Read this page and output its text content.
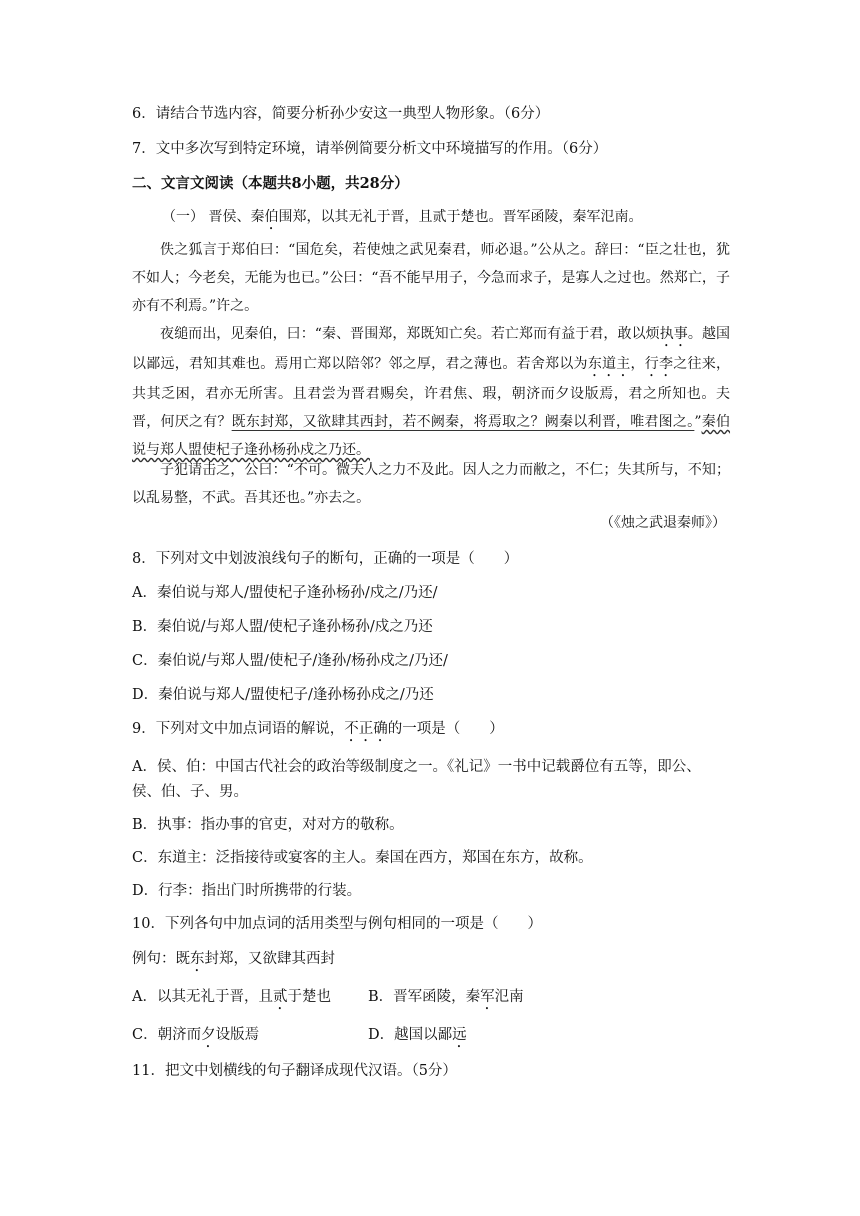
6．请结合节选内容，简要分析孙少安这一典型人物形象。（6分）
7．文中多次写到特定环境，请举例简要分析文中环境描写的作用。（6分）
二、文言文阅读（本题共8小题，共28分）
（一） 晋侯、秦伯围郑，以其无礼于晋，且贰于楚也。晋军函陵，秦军氾南。
佚之狐言于郑伯曰：“国危矣，若使烛之武见秦君，师必退。”公从之。辞曰：“臣之壮也，犹不如人；今老矣，无能为也已。”公曰：“吾不能早用子，今急而求子，是寡人之过也。然郑亡，子亦有不利焉。”许之。
夜缒而出，见秦伯，曰：“秦、晋围郑，郑既知亡矣。若亡郑而有益于君，敢以烦执事。越国以鄙远，君知其难也。焉用亡郑以陪邻？邻之厚，君之薄也。若舍郑以为东道主，行李之往来，共其乏困，君亦无所害。且君尝为晋君赐矣，许君焦、瑕，朝济而夕设版焉，君之所知也。夫晋，何厌之有？既东封郑，又欲肆其西封，若不阙秦，将焉取之？阙秦以利晋，唯君图之。”秦伯说与郑人盟使杞子逢孙杨孙戍之乃还。
子犯请击之，公曰：“不可。微夫人之力不及此。因人之力而敝之，不仁；失其所与，不知；以乱易整，不武。吾其还也。”亦去之。
（《烛之武退秦师》）
8．下列对文中划波浪线句子的断句，正确的一项是（　　）
A．秦伯说与郑人/盟使杞子逢孙杨孙/戍之/乃还/
B．秦伯说/与郑人盟/使杞子逢孙杨孙/戍之乃还
C．秦伯说/与郑人盟/使杞子/逢孙/杨孙戍之/乃还/
D．秦伯说与郑人/盟使杞子/逢孙杨孙戍之/乃还
9．下列对文中加点词语的解说，不正确的一项是（　　）
A．侯、伯：中国古代社会的政治等级制度之一。《礼记》一书中记载爵位有五等，即公、
侯、伯、子、男。
B．执事：指办事的官吏，对对方的敬称。
C．东道主：泛指接待或宴客的主人。秦国在西方，郑国在东方，故称。
D．行李：指出门时所携带的行装。
10．下列各句中加点词的活用类型与例句相同的一项是（　　）
例句：既东封郑，又欲肆其西封
A．以其无礼于晋，且贰于楚也	B．晋军函陵，秦军氾南
C．朝济而夕设版焉	D．越国以鄙远
11．把文中划横线的句子翻译成现代汉语。（5分）
